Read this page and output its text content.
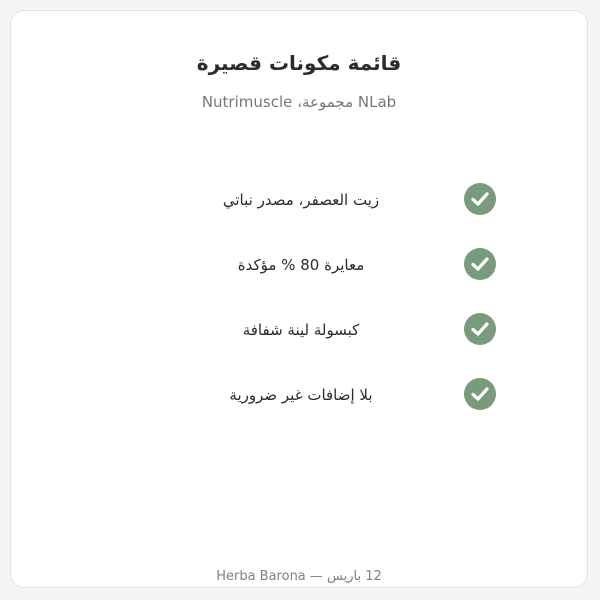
قائمة مكونات قصيرة
NLab مجموعة، Nutrimuscle
زيت العصفر، مصدر نباتي
معايرة 80 % مؤكدة
كبسولة لينة شفافة
بلا إضافات غير ضرورية
12 باريس — Herba Barona
